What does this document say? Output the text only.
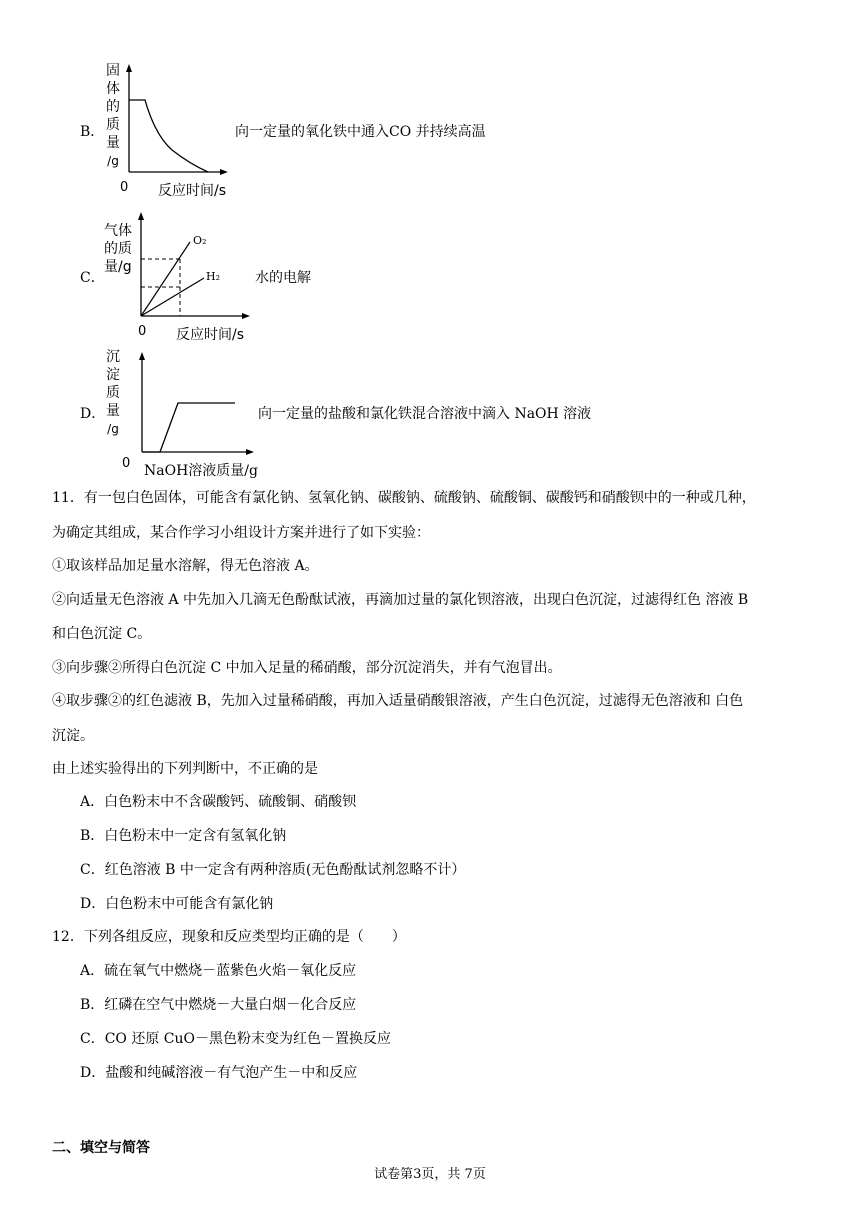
B．
固
体
的
质
量
/g
0 反应时间/s
向一定量的氧化铁中通入CO 并持续高温
C．
气体
的质
量/g
O₂
H₂
0 反应时间/s
水的电解
D．
沉
淀
质
量
/g
0 NaOH溶液质量/g
向一定量的盐酸和氯化铁混合溶液中滴入 NaOH 溶液
11．有一包白色固体，可能含有氯化钠、氢氧化钠、碳酸钠、硫酸钠、硫酸铜、碳酸钙和硝酸钡中的一种或几种，
为确定其组成，某合作学习小组设计方案并进行了如下实验：
①取该样品加足量水溶解，得无色溶液 A。
②向适量无色溶液 A 中先加入几滴无色酚酞试液，再滴加过量的氯化钡溶液，出现白色沉淀，过滤得红色 溶液 B
和白色沉淀 C。
③向步骤②所得白色沉淀 C 中加入足量的稀硝酸，部分沉淀消失，并有气泡冒出。
④取步骤②的红色滤液 B，先加入过量稀硝酸，再加入适量硝酸银溶液，产生白色沉淀，过滤得无色溶液和 白色
沉淀。
由上述实验得出的下列判断中，不正确的是
A．白色粉末中不含碳酸钙、硫酸铜、硝酸钡
B．白色粉末中一定含有氢氧化钠
C．红色溶液 B 中一定含有两种溶质(无色酚酞试剂忽略不计）
D．白色粉末中可能含有氯化钠
12．下列各组反应，现象和反应类型均正确的是（　　）
A．硫在氧气中燃烧－蓝紫色火焰－氧化反应
B．红磷在空气中燃烧－大量白烟－化合反应
C．CO 还原 CuO－黑色粉末变为红色－置换反应
D．盐酸和纯碱溶液－有气泡产生－中和反应
二、填空与简答
试卷第3页，共 7页
